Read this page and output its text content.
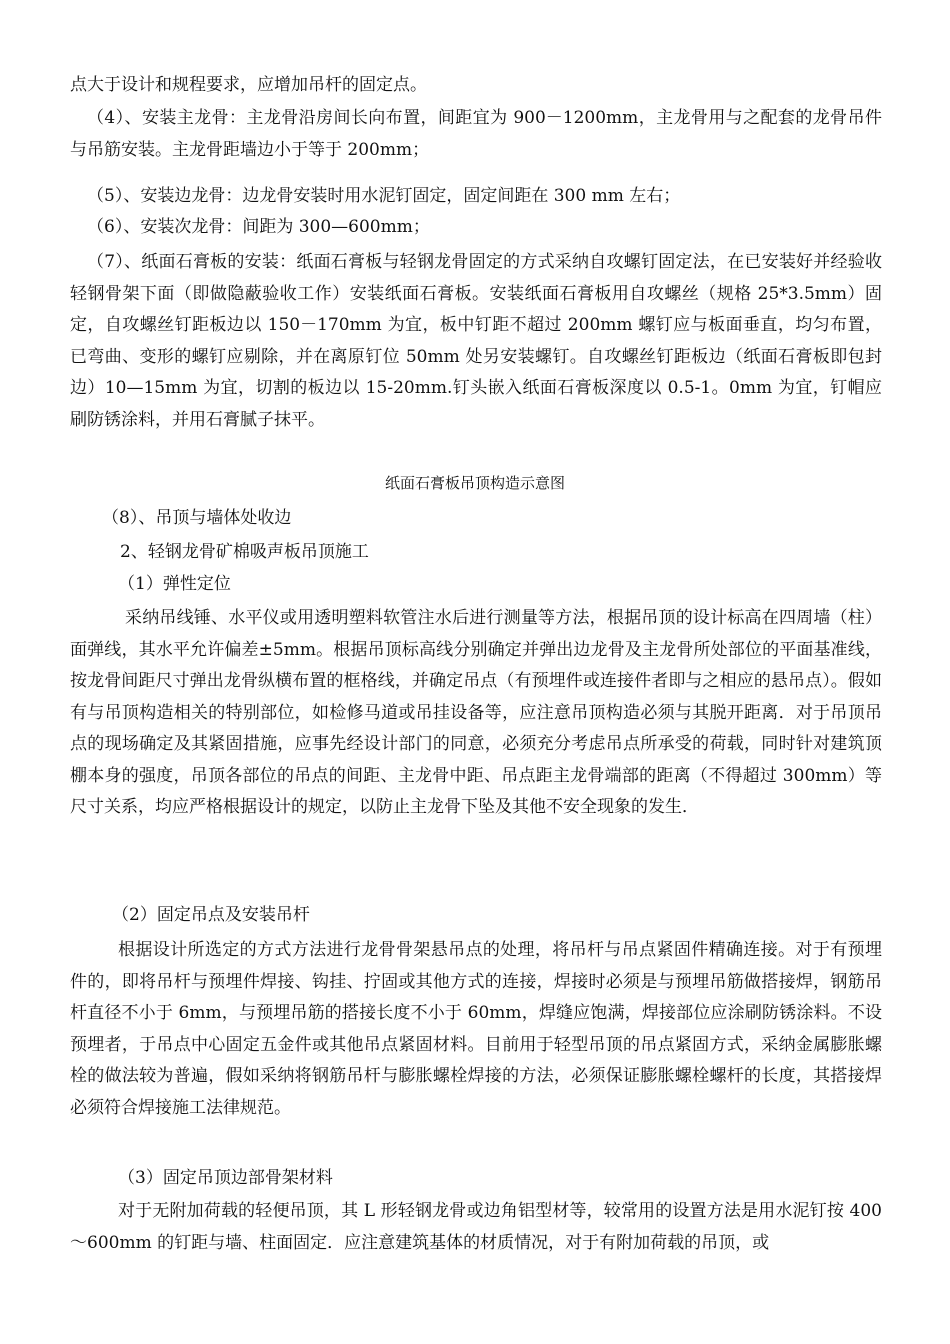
点大于设计和规程要求，应增加吊杆的固定点。

（4）、安装主龙骨：主龙骨沿房间长向布置，间距宜为 900－1200mm，主龙骨用与之配套的龙骨吊件与吊筋安装。主龙骨距墙边小于等于 200mm；

（5）、安装边龙骨：边龙骨安装时用水泥钉固定，固定间距在 300 mm 左右；

（6）、安装次龙骨：间距为 300—600mm；

（7）、纸面石膏板的安装：纸面石膏板与轻钢龙骨固定的方式采纳自攻螺钉固定法，在已安装好并经验收轻钢骨架下面（即做隐蔽验收工作）安装纸面石膏板。安装纸面石膏板用自攻螺丝（规格 25*3.5mm）固定，自攻螺丝钉距板边以 150－170mm 为宜，板中钉距不超过 200mm 螺钉应与板面垂直，均匀布置，已弯曲、变形的螺钉应剔除，并在离原钉位 50mm 处另安装螺钉。自攻螺丝钉距板边（纸面石膏板即包封边）10—15mm 为宜，切割的板边以 15-20mm.钉头嵌入纸面石膏板深度以 0.5-1。0mm 为宜，钉帽应刷防锈涂料，并用石膏腻子抹平。

纸面石膏板吊顶构造示意图

（8）、吊顶与墙体处收边

2、轻钢龙骨矿棉吸声板吊顶施工

（1）弹性定位

采纳吊线锤、水平仪或用透明塑料软管注水后进行测量等方法，根据吊顶的设计标高在四周墙（柱）面弹线，其水平允许偏差±5mm。根据吊顶标高线分别确定并弹出边龙骨及主龙骨所处部位的平面基准线，按龙骨间距尺寸弹出龙骨纵横布置的框格线，并确定吊点（有预埋件或连接件者即与之相应的悬吊点）。假如有与吊顶构造相关的特别部位，如检修马道或吊挂设备等，应注意吊顶构造必须与其脱开距离．对于吊顶吊点的现场确定及其紧固措施，应事先经设计部门的同意，必须充分考虑吊点所承受的荷载，同时针对建筑顶棚本身的强度，吊顶各部位的吊点的间距、主龙骨中距、吊点距主龙骨端部的距离（不得超过 300mm）等尺寸关系，均应严格根据设计的规定，以防止主龙骨下坠及其他不安全现象的发生．

（2）固定吊点及安装吊杆

根据设计所选定的方式方法进行龙骨骨架悬吊点的处理，将吊杆与吊点紧固件精确连接。对于有预埋件的，即将吊杆与预埋件焊接、钩挂、拧固或其他方式的连接，焊接时必须是与预埋吊筋做搭接焊，钢筋吊杆直径不小于 6mm，与预埋吊筋的搭接长度不小于 60mm，焊缝应饱满，焊接部位应涂刷防锈涂料。不设预埋者，于吊点中心固定五金件或其他吊点紧固材料。目前用于轻型吊顶的吊点紧固方式，采纳金属膨胀螺栓的做法较为普遍，假如采纳将钢筋吊杆与膨胀螺栓焊接的方法，必须保证膨胀螺栓螺杆的长度，其搭接焊必须符合焊接施工法律规范。

（3）固定吊顶边部骨架材料

对于无附加荷载的轻便吊顶，其 L 形轻钢龙骨或边角铝型材等，较常用的设置方法是用水泥钉按 400～600mm 的钉距与墙、柱面固定．应注意建筑基体的材质情况，对于有附加荷载的吊顶，或
